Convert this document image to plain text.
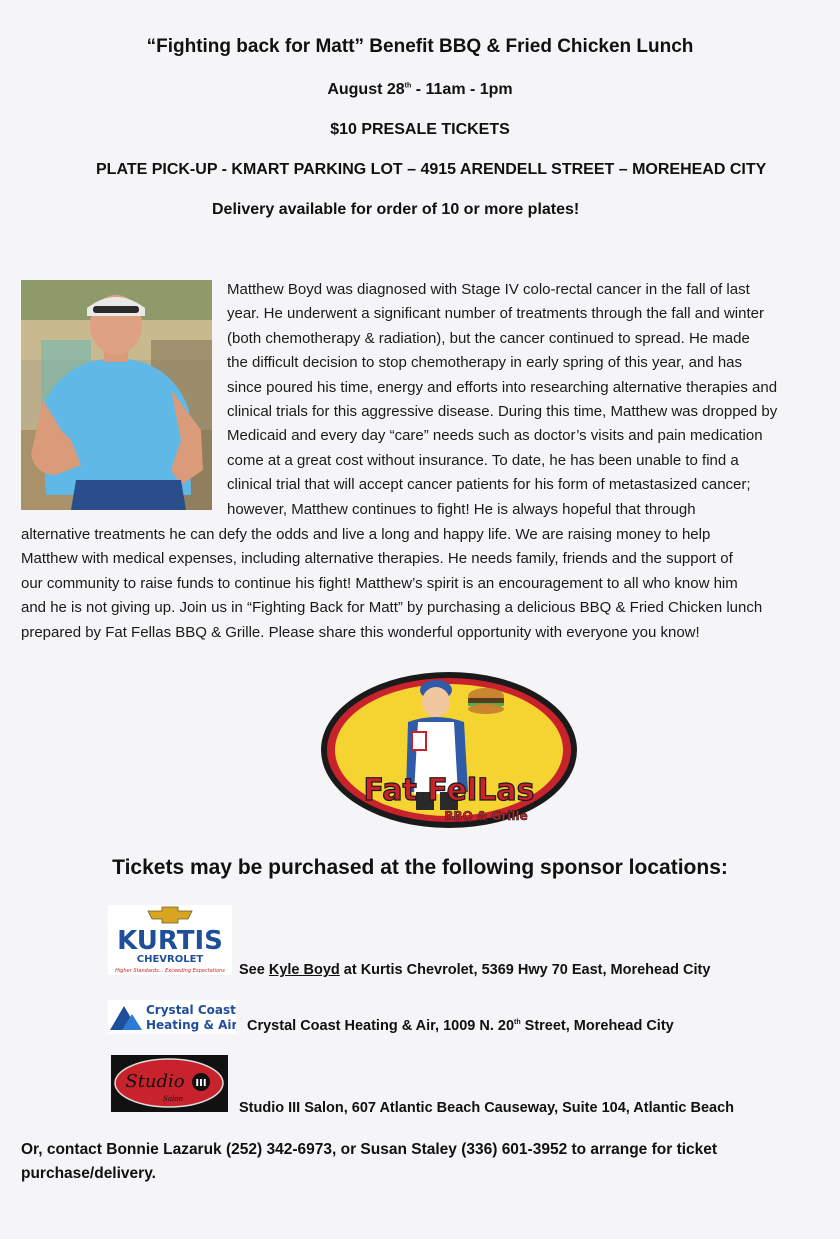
“Fighting back for Matt” Benefit BBQ & Fried Chicken Lunch
August 28th - 11am - 1pm
$10 PRESALE TICKETS
PLATE PICK-UP - KMART PARKING LOT – 4915 ARENDELL STREET – MOREHEAD CITY
Delivery available for order of 10 or more plates!
Matthew Boyd was diagnosed with Stage IV colo-rectal cancer in the fall of last
year. He underwent a significant number of treatments through the fall and winter
(both chemotherapy & radiation), but the cancer continued to spread. He made
the difficult decision to stop chemotherapy in early spring of this year, and has
since poured his time, energy and efforts into researching alternative therapies and
clinical trials for this aggressive disease. During this time, Matthew was dropped by
Medicaid and every day “care” needs such as doctor’s visits and pain medication
come at a great cost without insurance. To date, he has been unable to find a
clinical trial that will accept cancer patients for his form of metastasized cancer;
however, Matthew continues to fight! He is always hopeful that through
alternative treatments he can defy the odds and live a long and happy life. We are raising money to help
Matthew with medical expenses, including alternative therapies. He needs family, friends and the support of
our community to raise funds to continue his fight! Matthew’s spirit is an encouragement to all who know him
and he is not giving up. Join us in “Fighting Back for Matt” by purchasing a delicious BBQ & Fried Chicken lunch
prepared by Fat Fellas BBQ & Grille. Please share this wonderful opportunity with everyone you know!
Fat FelLas
BBQ & Grille
Tickets may be purchased at the following sponsor locations:
KURTIS
CHEVROLET
Higher Standards... Exceeding Expectations
Crystal Coast
Heating & Air
Studio III
Salon
See Kyle Boyd at Kurtis Chevrolet, 5369 Hwy 70 East, Morehead City
Crystal Coast Heating & Air, 1009 N. 20th Street, Morehead City
Studio III Salon, 607 Atlantic Beach Causeway, Suite 104, Atlantic Beach
Or, contact Bonnie Lazaruk (252) 342-6973, or Susan Staley (336) 601-3952 to arrange for ticket purchase/delivery.
